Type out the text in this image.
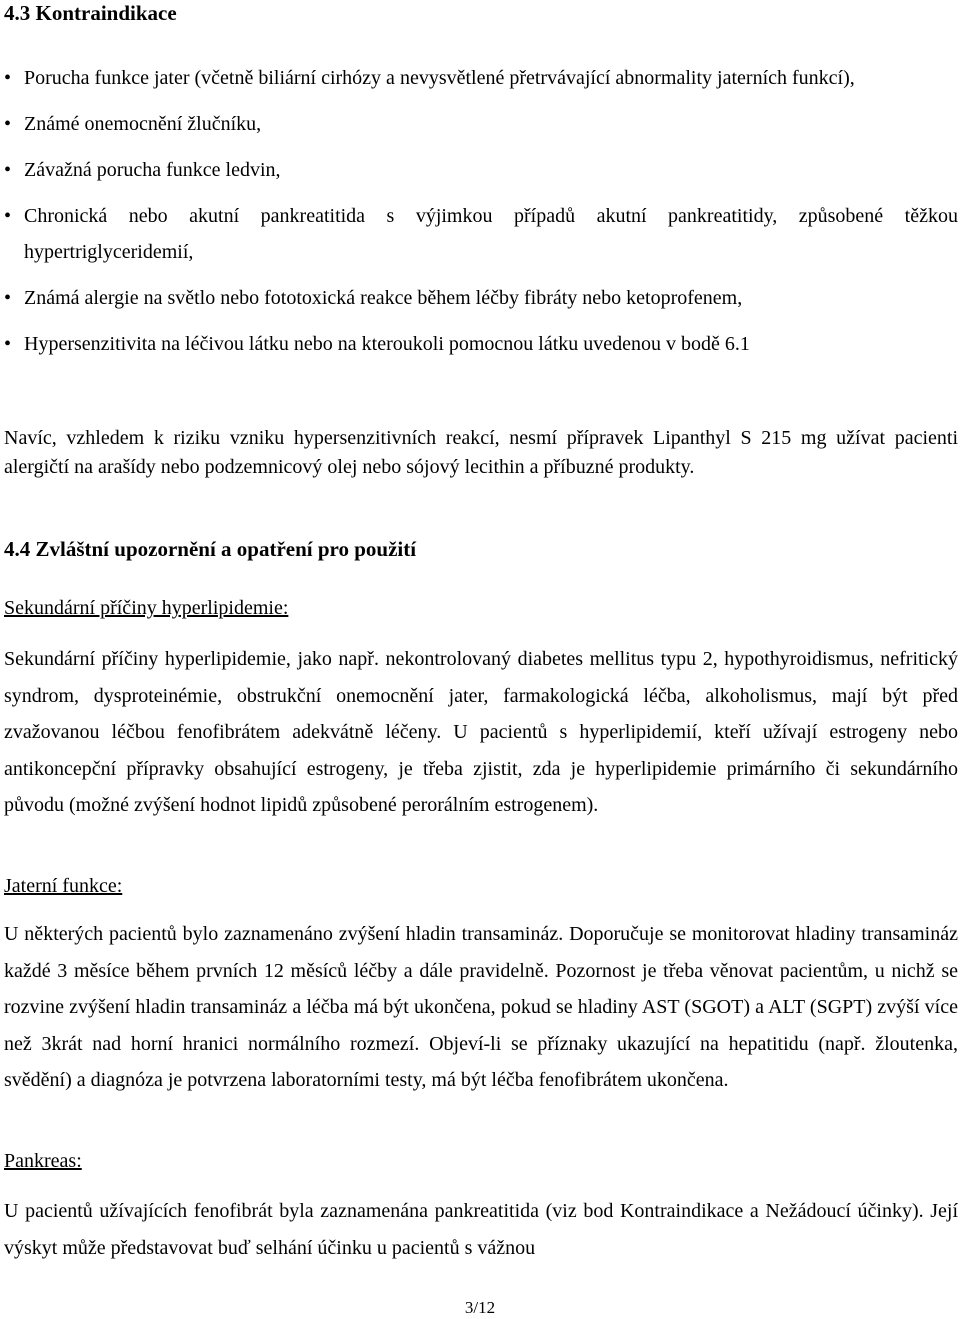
4.3 Kontraindikace
• Porucha funkce jater (včetně biliární cirhózy a nevysvětlené přetrvávající abnormality jaterních funkcí),
• Známé onemocnění žlučníku,
• Závažná porucha funkce ledvin,
• Chronická nebo akutní pankreatitida s výjimkou případů akutní pankreatitidy, způsobené těžkou hypertriglyceridemií,
• Známá alergie na světlo nebo fototoxická reakce během léčby fibráty nebo ketoprofenem,
• Hypersenzitivita na léčivou látku nebo na kteroukoli pomocnou látku uvedenou v bodě 6.1

Navíc, vzhledem k riziku vzniku hypersenzitivních reakcí, nesmí přípravek Lipanthyl S 215 mg užívat pacienti alergičtí na arašídy nebo podzemnicový olej nebo sójový lecithin a příbuzné produkty.

4.4 Zvláštní upozornění a opatření pro použití

Sekundární příčiny hyperlipidemie:

Sekundární příčiny hyperlipidemie, jako např. nekontrolovaný diabetes mellitus typu 2, hypothyroidismus, nefritický syndrom, dysproteinémie, obstrukční onemocnění jater, farmakologická léčba, alkoholismus, mají být před zvažovanou léčbou fenofibrátem adekvátně léčeny. U pacientů s hyperlipidemií, kteří užívají estrogeny nebo antikoncepční přípravky obsahující estrogeny, je třeba zjistit, zda je hyperlipidemie primárního či sekundárního původu (možné zvýšení hodnot lipidů způsobené perorálním estrogenem).

Jaterní funkce:

U některých pacientů bylo zaznamenáno zvýšení hladin transamináz. Doporučuje se monitorovat hladiny transamináz každé 3 měsíce během prvních 12 měsíců léčby a dále pravidelně. Pozornost je třeba věnovat pacientům, u nichž se rozvine zvýšení hladin transamináz a léčba má být ukončena, pokud se hladiny AST (SGOT) a ALT (SGPT) zvýší více než 3krát nad horní hranici normálního rozmezí. Objeví-li se příznaky ukazující na hepatitidu (např. žloutenka, svědění) a diagnóza je potvrzena laboratorními testy, má být léčba fenofibrátem ukončena.

Pankreas:

U pacientů užívajících fenofibrát byla zaznamenána pankreatitida (viz bod Kontraindikace a Nežádoucí účinky). Její výskyt může představovat buď selhání účinku u pacientů s vážnou

3/12
